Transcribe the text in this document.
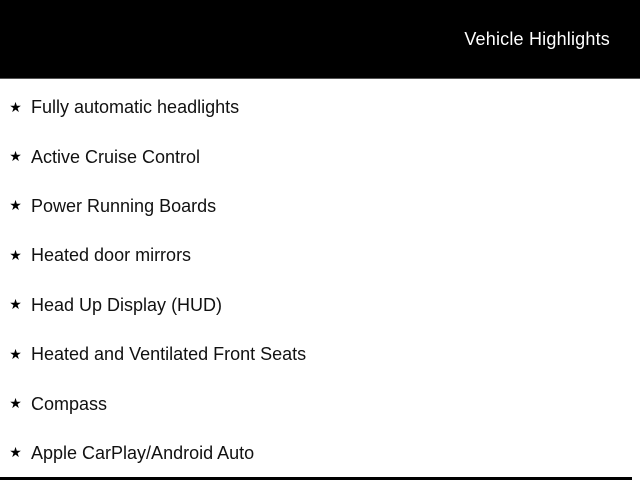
Vehicle Highlights
★ Fully automatic headlights
★ Active Cruise Control
★ Power Running Boards
★ Heated door mirrors
★ Head Up Display (HUD)
★ Heated and Ventilated Front Seats
★ Compass
★ Apple CarPlay/Android Auto
